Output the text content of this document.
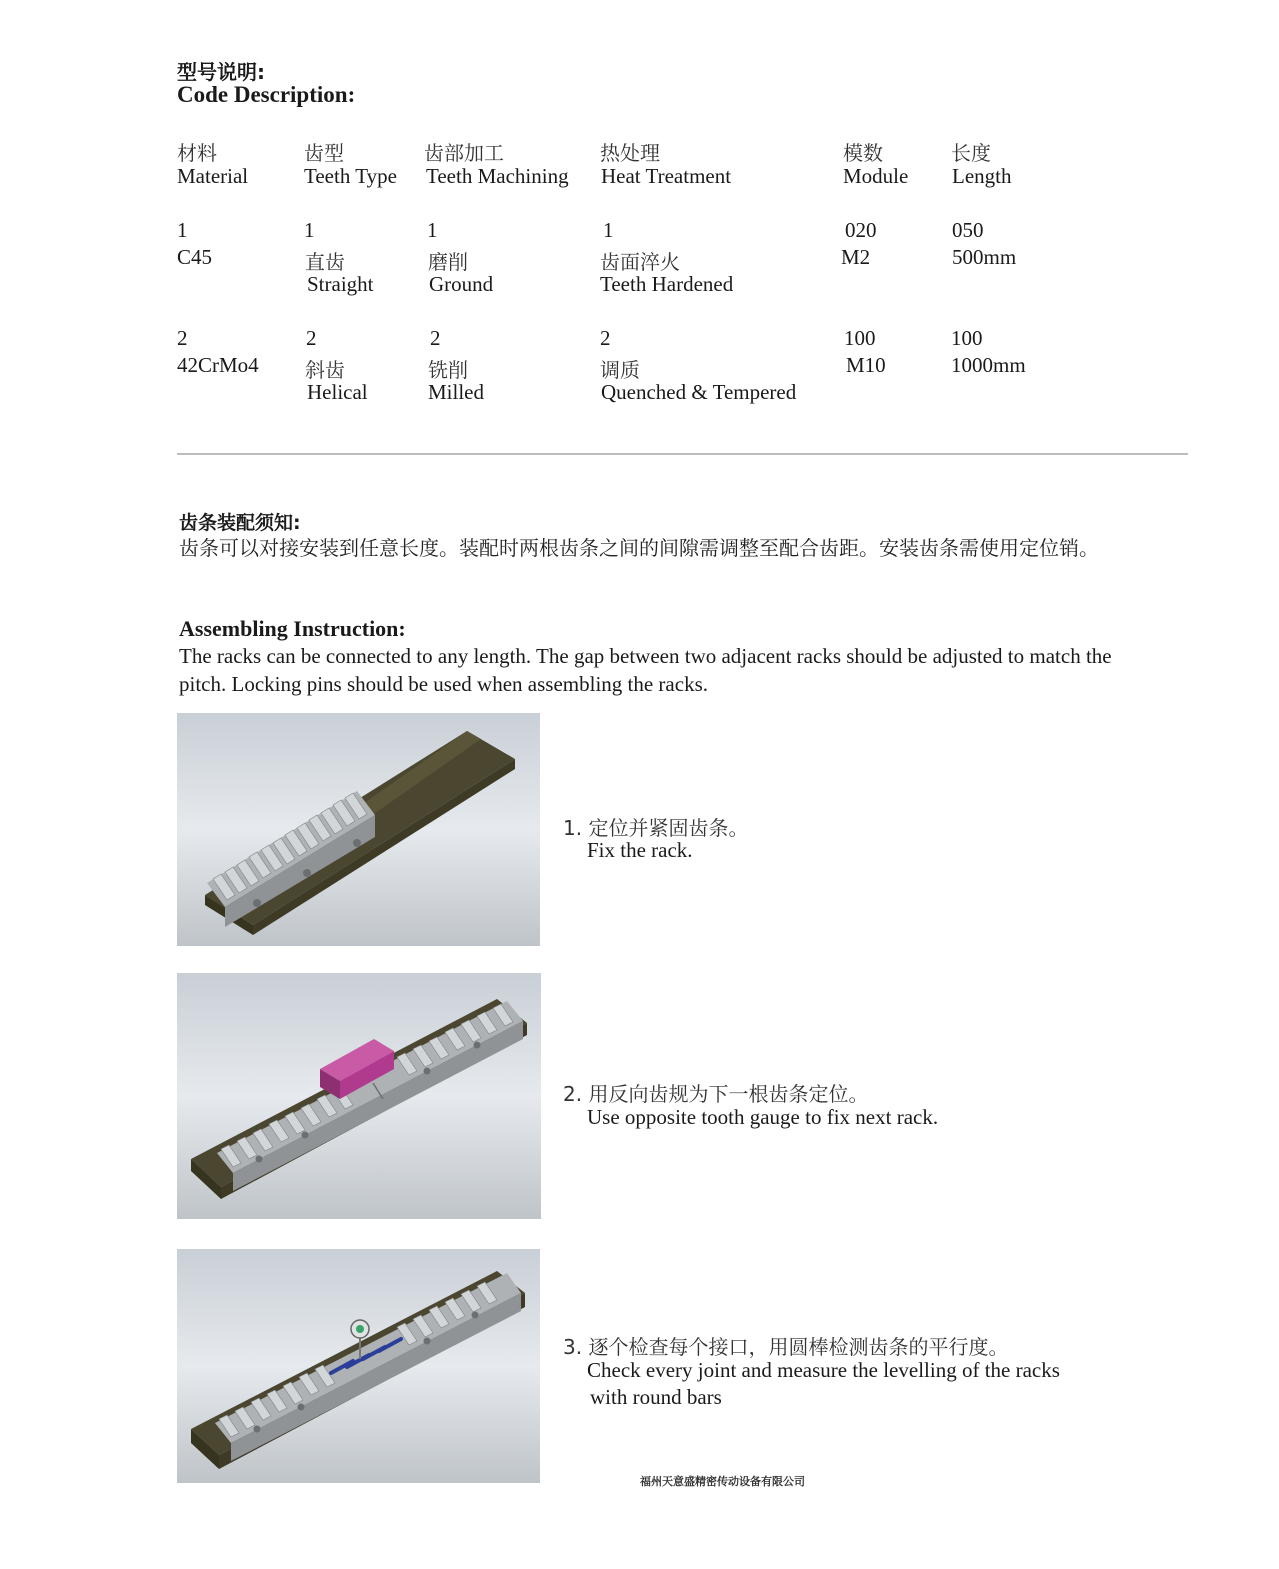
型号说明:
Code Description:
材料
Material
齿型
Teeth Type
齿部加工
Teeth Machining
热处理
Heat Treatment
模数
Module
长度
Length
1
C45
1
直齿
Straight
1
磨削
Ground
1
齿面淬火
Teeth Hardened
020
M2
050
500mm
2
42CrMo4
2
斜齿
Helical
2
铣削
Milled
2
调质
Quenched & Tempered
100
M10
100
1000mm
齿条装配须知:
齿条可以对接安装到任意长度。装配时两根齿条之间的间隙需调整至配合齿距。安装齿条需使用定位销。
Assembling Instruction:
The racks can be connected to any length. The gap between two adjacent racks should be adjusted to match the pitch. Locking pins should be used when assembling the racks.
1. 定位并紧固齿条。
Fix the rack.
2. 用反向齿规为下一根齿条定位。
Use opposite tooth gauge to fix next rack.
3. 逐个检查每个接口，用圆棒检测齿条的平行度。
Check every joint and measure the levelling of the racks
with round bars
福州天意盛精密传动设备有限公司
